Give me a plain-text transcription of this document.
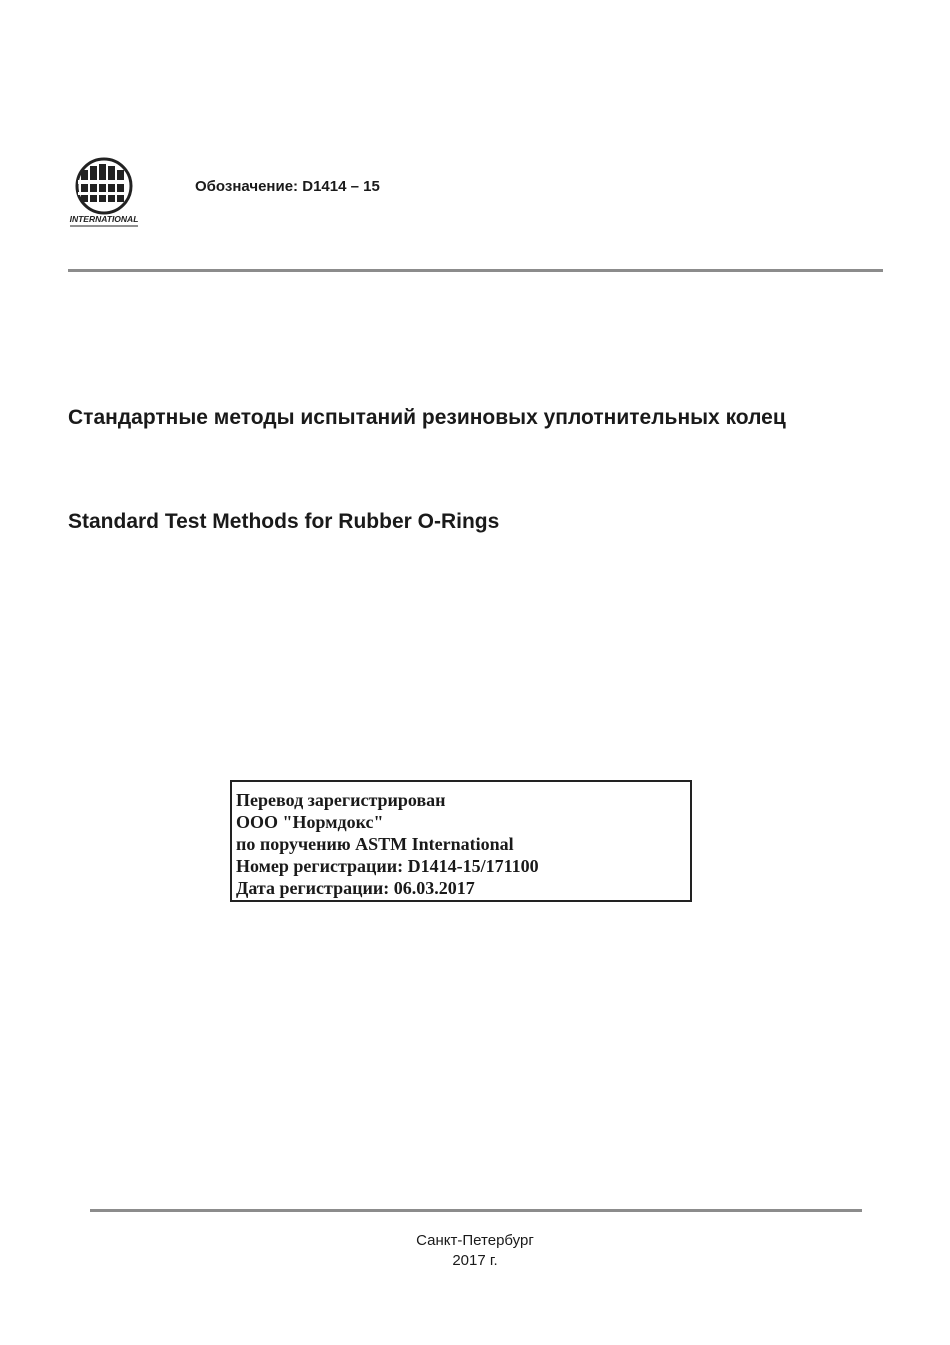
INTERNATIONAL
Обозначение: D1414 – 15
Стандартные методы испытаний резиновых уплотнительных колец
Standard Test Methods for Rubber O-Rings
Перевод зарегистрирован
ООО "Нормдокс"
по поручению ASTM International
Номер регистрации: D1414-15/171100
Дата регистрации: 06.03.2017
Санкт-Петербург
2017 г.
